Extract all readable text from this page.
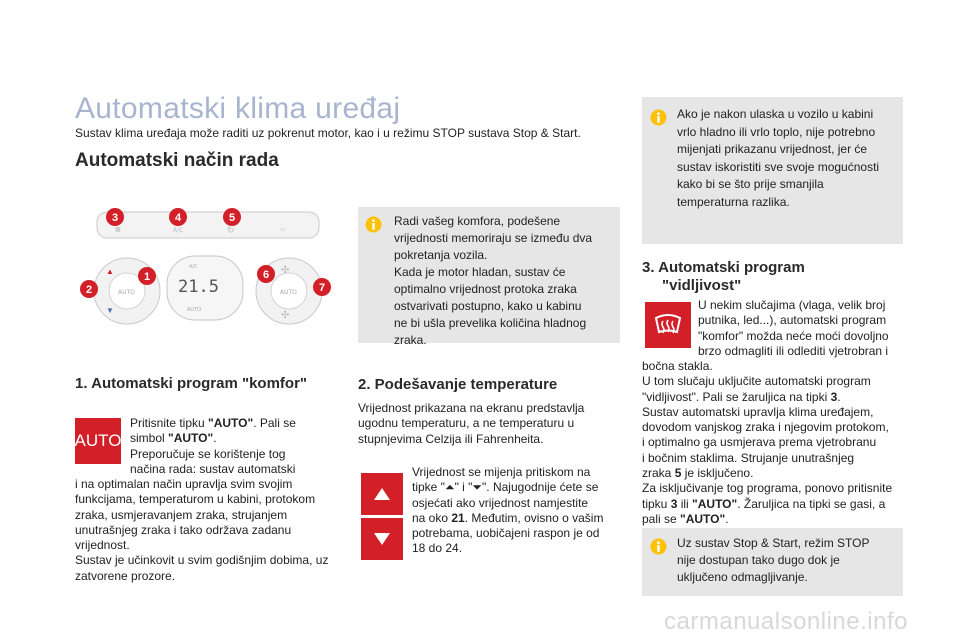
Automatski klima uređaj
Sustav klima uređaja može raditi uz pokrenut motor, kao i u režimu STOP sustava Stop & Start.
Automatski način rada
▦	A/C	↻	▭
AUTO
▲
▼
A/C
21.5
AUTO
AUTO
✣
✣
3	4	5
1
2
6
7
Radi vašeg komfora, podešene
vrijednosti memoriraju se između dva
pokretanja vozila.
Kada je motor hladan, sustav će
optimalno vrijednost protoka zraka
ostvarivati postupno, kako u kabinu
ne bi ušla prevelika količina hladnog
zraka.
Ako je nakon ulaska u vozilo u kabini
vrlo hladno ili vrlo toplo, nije potrebno
mijenjati prikazanu vrijednost, jer će
sustav iskoristiti sve svoje mogućnosti
kako bi se što prije smanjila
temperaturna razlika.
1. Automatski program "komfor"
AUTO
Pritisnite tipku "AUTO". Pali se
simbol "AUTO".
Preporučuje se korištenje tog
načina rada: sustav automatski
i na optimalan način upravlja svim svojim
funkcijama, temperaturom u kabini, protokom
zraka, usmjeravanjem zraka, strujanjem
unutrašnjeg zraka i tako održava zadanu
vrijednost.
Sustav je učinkovit u svim godišnjim dobima, uz
zatvorene prozore.
2. Podešavanje temperature
Vrijednost prikazana na ekranu predstavlja
ugodnu temperaturu, a ne temperaturu u
stupnjevima Celzija ili Fahrenheita.
Vrijednost se mijenja pritiskom na
tipke "⏶" i "⏷". Najugodnije ćete se
osjećati ako vrijednost namjestite
na oko 21. Međutim, ovisno o vašim
potrebama, uobičajeni raspon je od
18 do 24.
3. Automatski program
"vidljivost"
U nekim slučajima (vlaga, velik broj
putnika, led...), automatski program
"komfor" možda neće moći dovoljno
brzo odmagliti ili odlediti vjetrobran i
bočna stakla.
U tom slučaju uključite automatski program
"vidljivost". Pali se žaruljica na tipki 3.
Sustav automatski upravlja klima uređajem,
dovodom vanjskog zraka i njegovim protokom,
i optimalno ga usmjerava prema vjetrobranu
i bočnim staklima. Strujanje unutrašnjeg
zraka 5 je isključeno.
Za isključivanje tog programa, ponovo pritisnite
tipku 3 ili "AUTO". Žaruljica na tipki se gasi, a
pali se "AUTO".
Uz sustav Stop & Start, režim STOP
nije dostupan tako dugo dok je
uključeno odmagljivanje.
carmanualsonline.info
